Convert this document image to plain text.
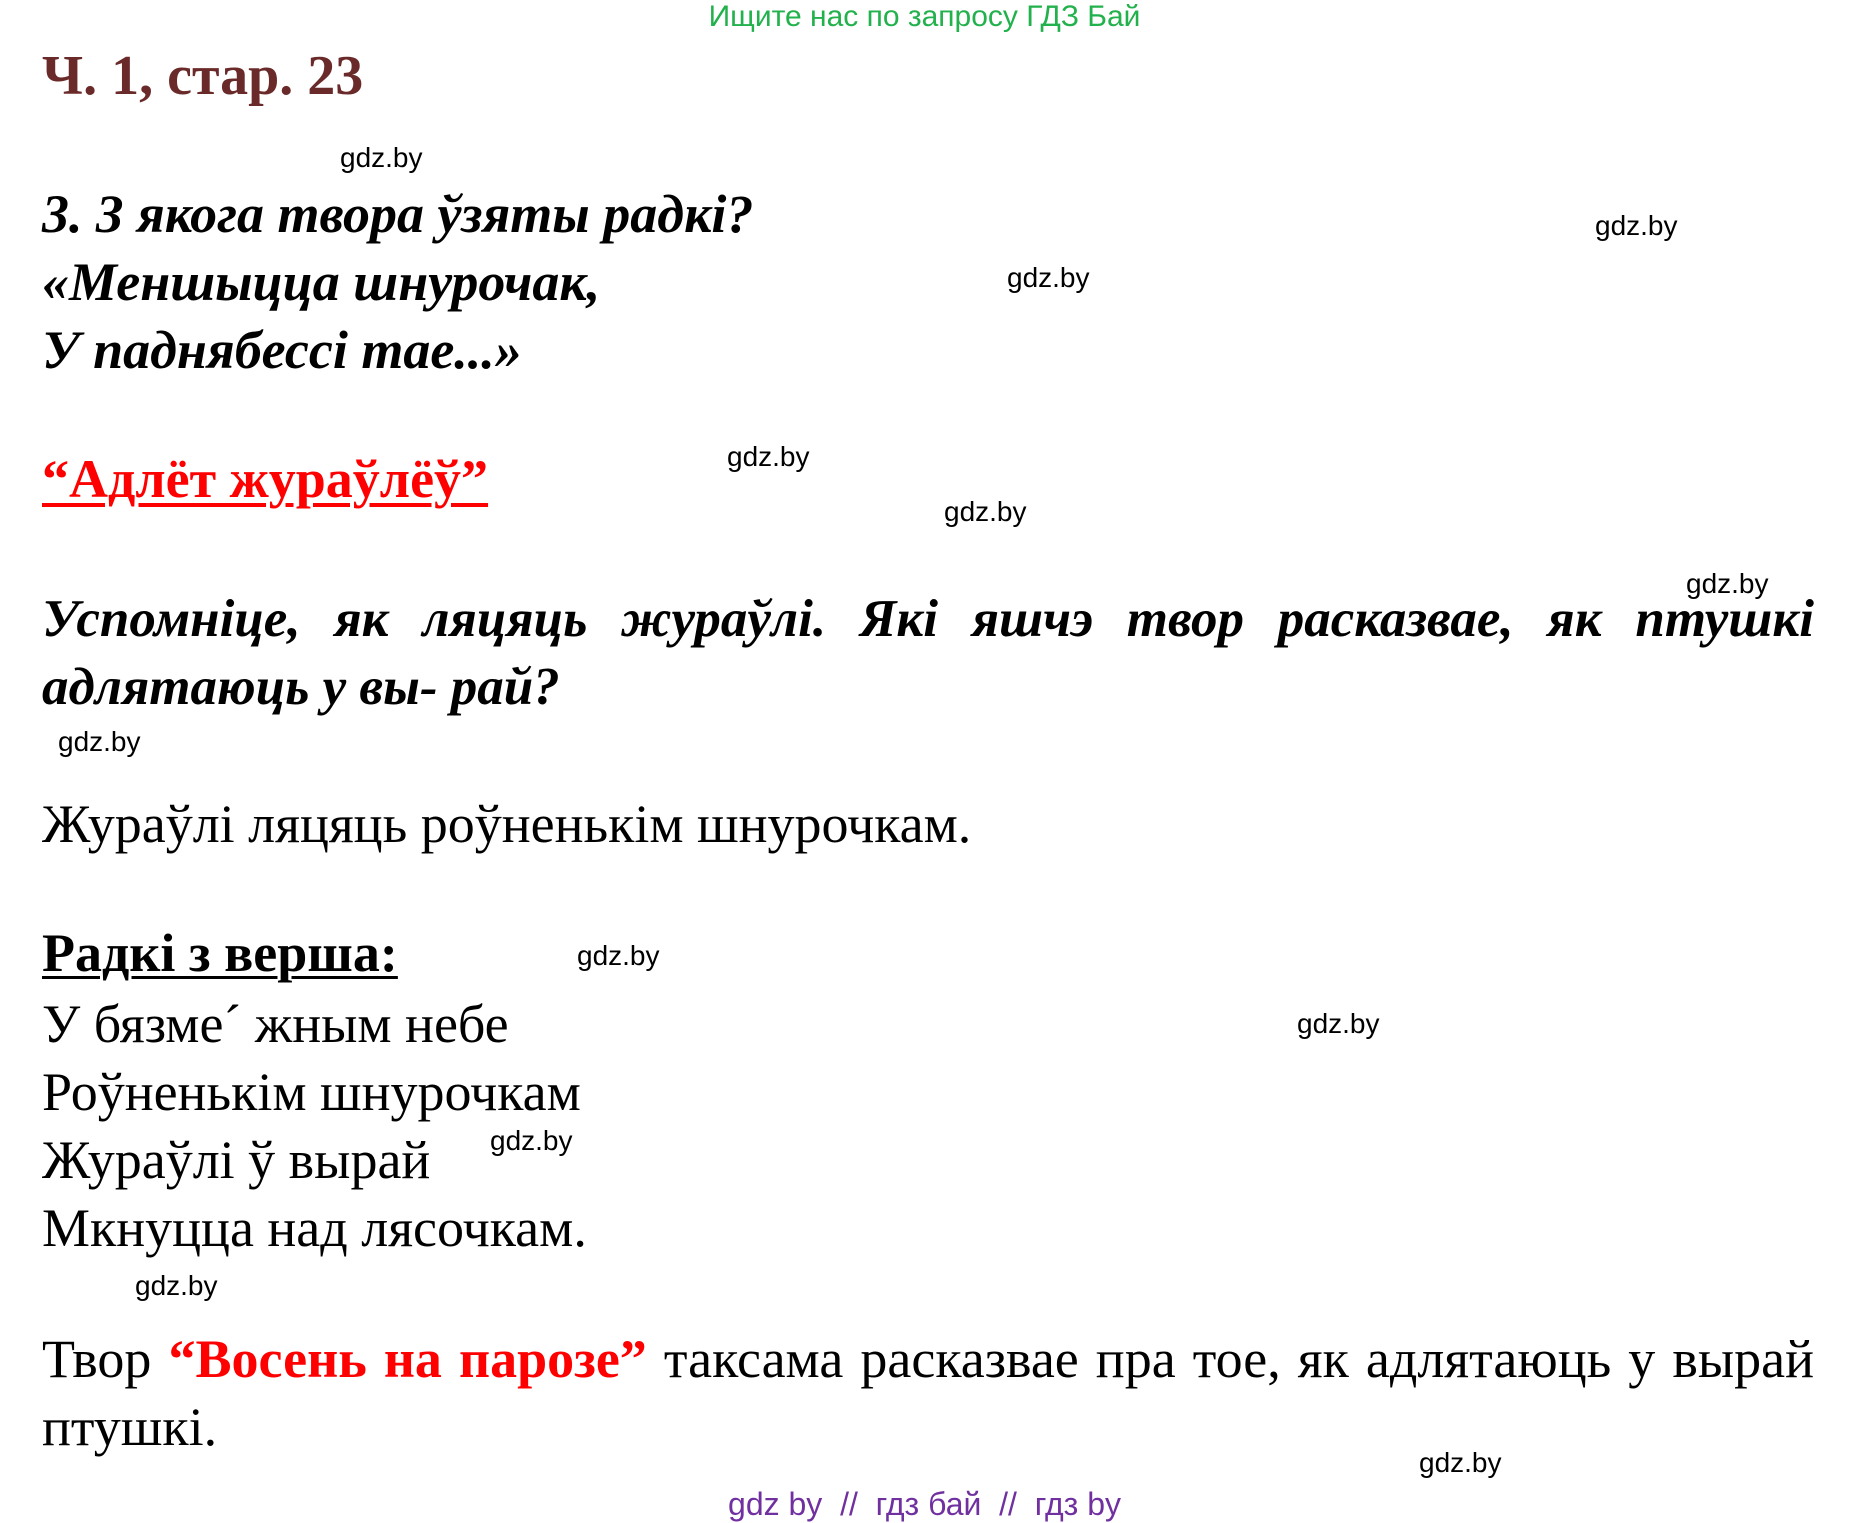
Ищите нас по запросу ГДЗ Бай
Ч. 1, стар. 23
gdz.by
gdz.by
gdz.by
gdz.by
gdz.by
gdz.by
gdz.by
gdz.by
gdz.by
gdz.by
gdz.by
gdz.by
3. З якога твора ўзяты радкі?
«Меншыцца шнурочак,
У паднябессі тае...»
“Адлёт жураўлёў”
Успомніце, як ляцяць жураўлі. Які яшчэ твор расказвае, як птушкі адлятаюць у вы- рай?
Жураўлі ляцяць роўненькім шнурочкам.
Радкі з верша:
У бязме´ жным небе
Роўненькім шнурочкам
Жураўлі ў вырай
Мкнуцца над лясочкам.
Твор “Восень на парозе” таксама расказвае пра тое, як адлятаюць у вырай птушкі.
gdz by  //  гдз бай  //  гдз by
